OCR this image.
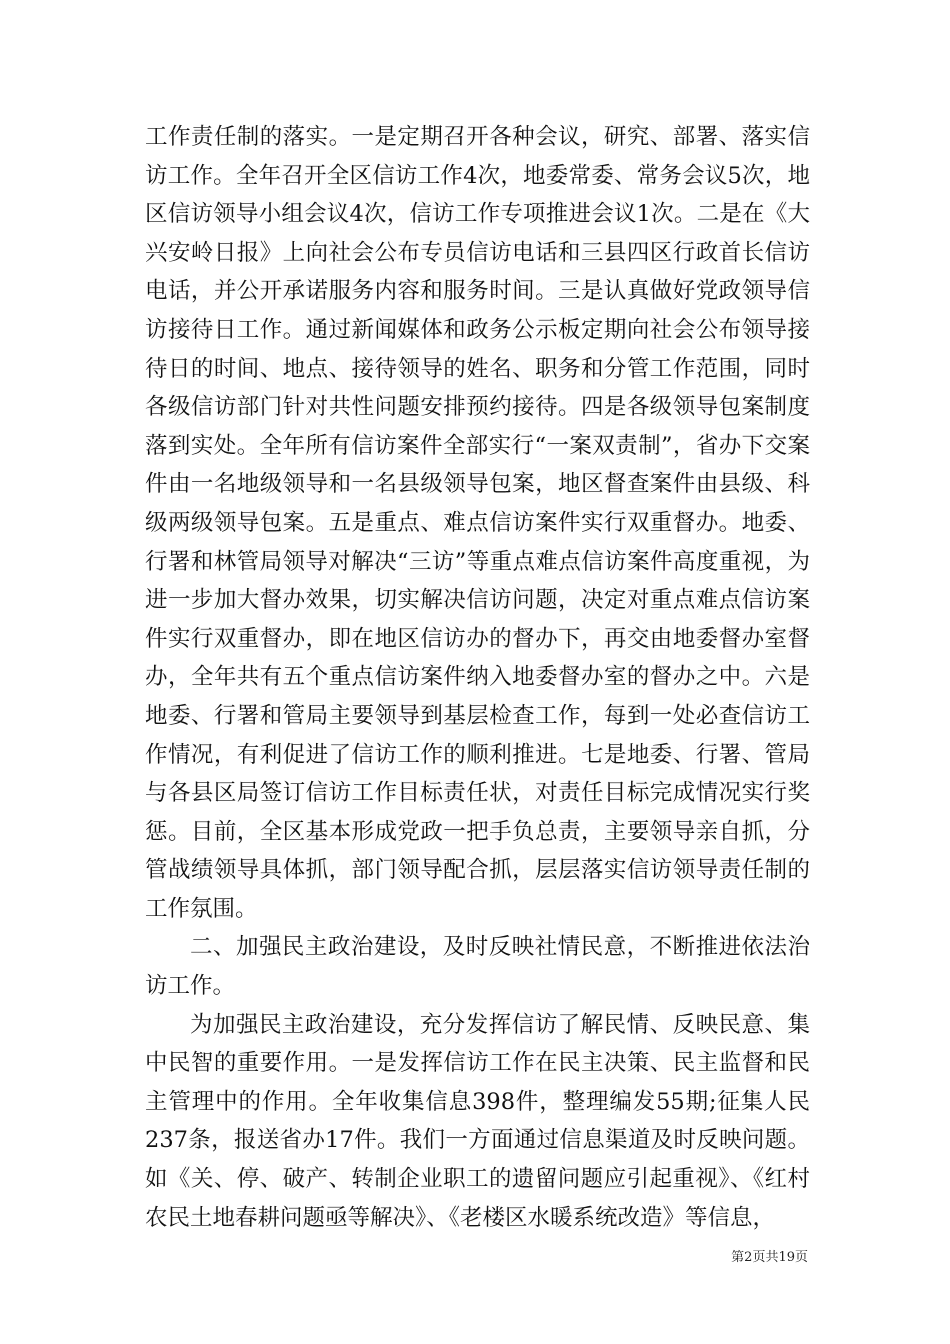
工作责任制的落实。一是定期召开各种会议，研究、部署、落实信访工作。全年召开全区信访工作4次，地委常委、常务会议5次，地区信访领导小组会议4次，信访工作专项推进会议1次。二是在《大兴安岭日报》上向社会公布专员信访电话和三县四区行政首长信访电话，并公开承诺服务内容和服务时间。三是认真做好党政领导信访接待日工作。通过新闻媒体和政务公示板定期向社会公布领导接待日的时间、地点、接待领导的姓名、职务和分管工作范围，同时各级信访部门针对共性问题安排预约接待。四是各级领导包案制度落到实处。全年所有信访案件全部实行“一案双责制”，省办下交案件由一名地级领导和一名县级领导包案，地区督查案件由县级、科级两级领导包案。五是重点、难点信访案件实行双重督办。地委、行署和林管局领导对解决“三访”等重点难点信访案件高度重视，为进一步加大督办效果，切实解决信访问题，决定对重点难点信访案件实行双重督办，即在地区信访办的督办下，再交由地委督办室督办，全年共有五个重点信访案件纳入地委督办室的督办之中。六是地委、行署和管局主要领导到基层检查工作，每到一处必查信访工作情况，有利促进了信访工作的顺利推进。七是地委、行署、管局与各县区局签订信访工作目标责任状，对责任目标完成情况实行奖惩。目前，全区基本形成党政一把手负总责，主要领导亲自抓，分管战绩领导具体抓，部门领导配合抓，层层落实信访领导责任制的工作氛围。

二、加强民主政治建设，及时反映社情民意，不断推进依法治访工作。

为加强民主政治建设，充分发挥信访了解民情、反映民意、集中民智的重要作用。一是发挥信访工作在民主决策、民主监督和民主管理中的作用。全年收集信息398件，整理编发55期;征集人民237条，报送省办17件。我们一方面通过信息渠道及时反映问题。如《关、停、破产、转制企业职工的遗留问题应引起重视》、《红村农民土地春耕问题亟等解决》、《老楼区水暖系统改造》等信息，

第2页共19页
